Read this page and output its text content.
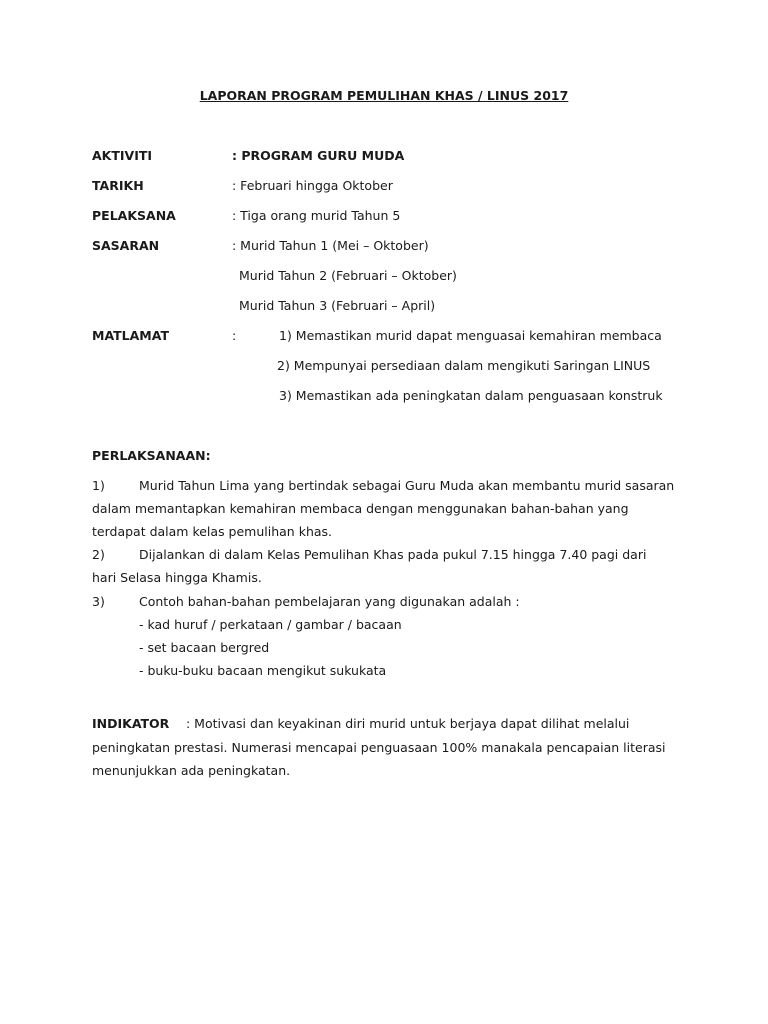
LAPORAN PROGRAM PEMULIHAN KHAS / LINUS 2017
AKTIVITI	: PROGRAM GURU MUDA
TARIKH	: Februari hingga Oktober
PELAKSANA	: Tiga orang murid Tahun 5
SASARAN	: Murid Tahun 1 (Mei – Oktober)
Murid Tahun 2 (Februari – Oktober)
Murid Tahun 3 (Februari – April)
MATLAMAT	:	1) Memastikan murid dapat menguasai kemahiran membaca
2) Mempunyai persediaan dalam mengikuti Saringan LINUS
3) Memastikan ada peningkatan dalam penguasaan konstruk
PERLAKSANAAN:
1)	Murid Tahun Lima yang bertindak sebagai Guru Muda akan membantu murid sasaran
dalam memantapkan kemahiran membaca dengan menggunakan bahan-bahan yang
terdapat dalam kelas pemulihan khas.
2)	Dijalankan di dalam Kelas Pemulihan Khas pada pukul 7.15 hingga 7.40 pagi dari
hari Selasa hingga Khamis.
3)	Contoh bahan-bahan pembelajaran yang digunakan adalah :
- kad huruf / perkataan / gambar / bacaan
- set bacaan bergred
- buku-buku bacaan mengikut sukukata
INDIKATOR : Motivasi dan keyakinan diri murid untuk berjaya dapat dilihat melalui
peningkatan prestasi. Numerasi mencapai penguasaan 100% manakala pencapaian literasi
menunjukkan ada peningkatan.
